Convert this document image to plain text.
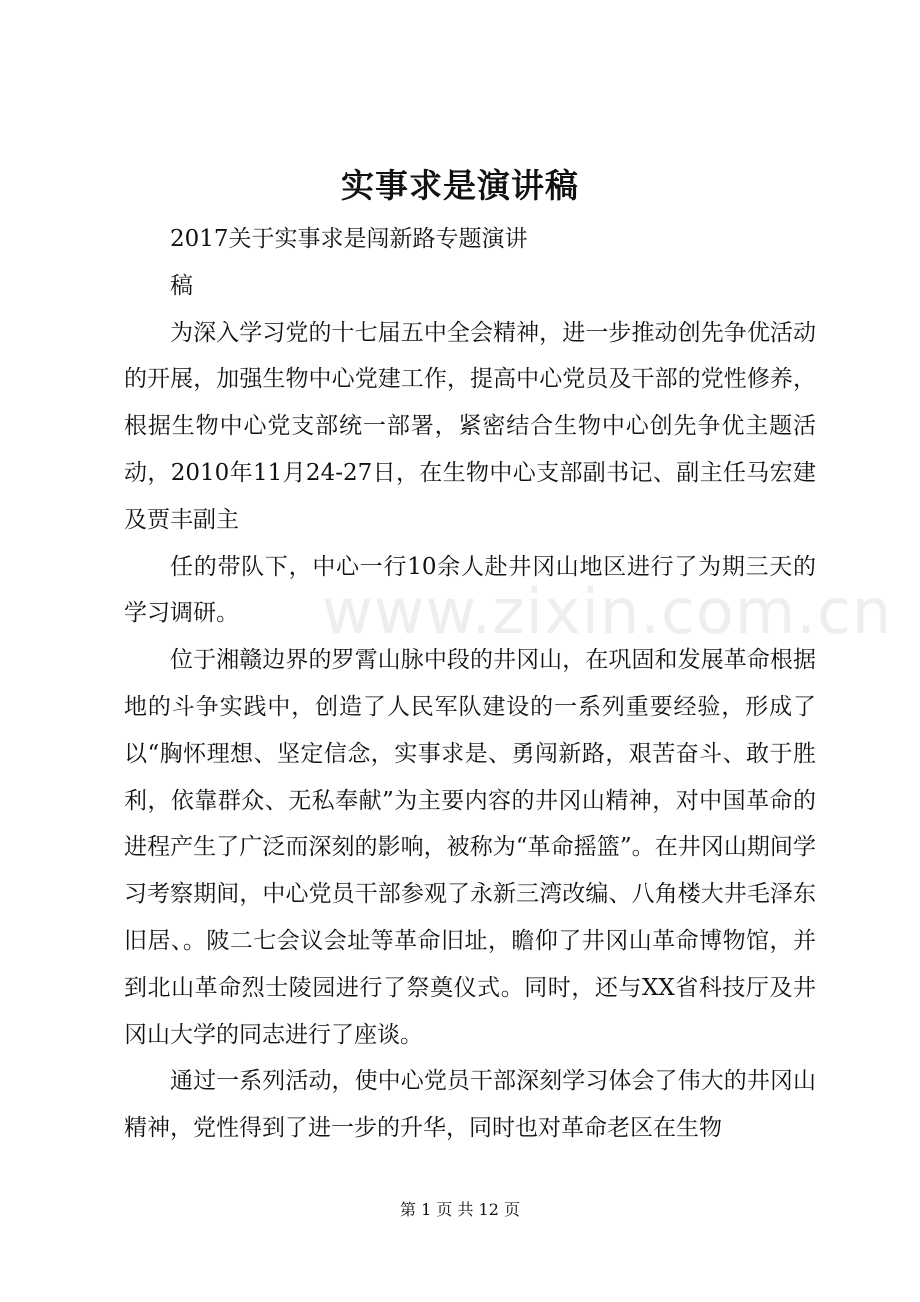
实事求是演讲稿

2017关于实事求是闯新路专题演讲

稿

为深入学习党的十七届五中全会精神，进一步推动创先争优活动的开展，加强生物中心党建工作，提高中心党员及干部的党性修养，根据生物中心党支部统一部署，紧密结合生物中心创先争优主题活动，2010年11月24-27日，在生物中心支部副书记、副主任马宏建及贾丰副主

任的带队下，中心一行10余人赴井冈山地区进行了为期三天的学习调研。

位于湘赣边界的罗霄山脉中段的井冈山，在巩固和发展革命根据地的斗争实践中，创造了人民军队建设的一系列重要经验，形成了以“胸怀理想、坚定信念，实事求是、勇闯新路，艰苦奋斗、敢于胜利，依靠群众、无私奉献”为主要内容的井冈山精神，对中国革命的进程产生了广泛而深刻的影响，被称为“革命摇篮”。在井冈山期间学习考察期间，中心党员干部参观了永新三湾改编、八角楼大井毛泽东旧居、。陂二七会议会址等革命旧址，瞻仰了井冈山革命博物馆，并到北山革命烈士陵园进行了祭奠仪式。同时，还与XX省科技厅及井冈山大学的同志进行了座谈。

通过一系列活动，使中心党员干部深刻学习体会了伟大的井冈山精神，党性得到了进一步的升华，同时也对革命老区在生物

www.zixin.com.cn
第 1 页 共 12 页
